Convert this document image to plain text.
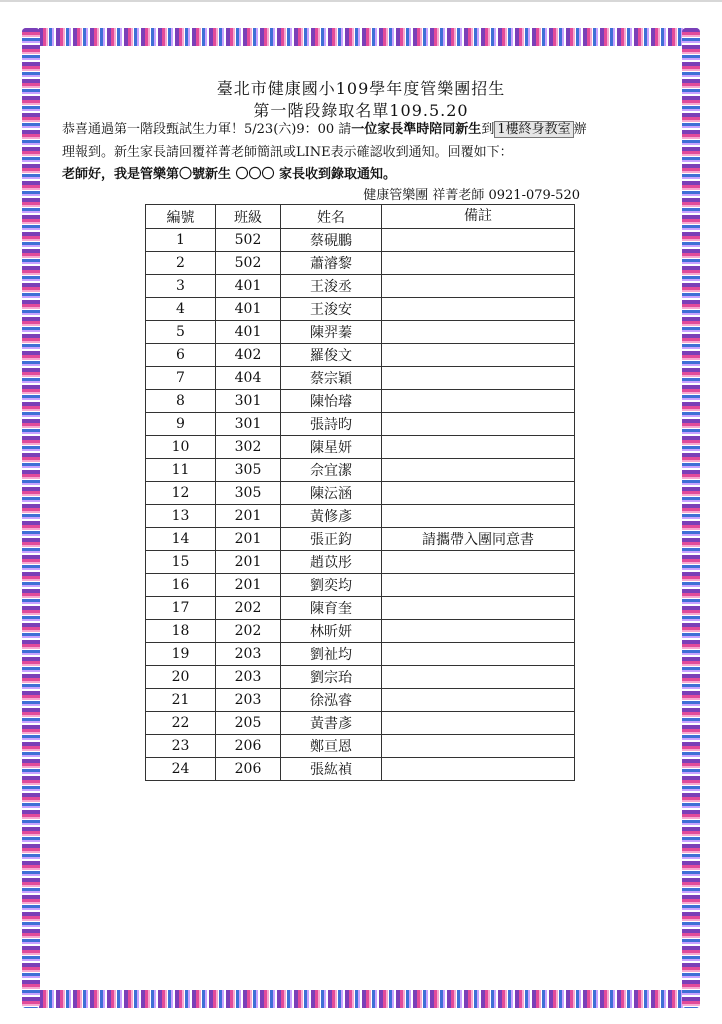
臺北市健康國小109學年度管樂團招生
第一階段錄取名單109.5.20
恭喜通過第一階段甄試生力軍！5/23(六)9：00 請一位家長準時陪同新生到 1樓終身教室 辦
理報到。新生家長請回覆祥菁老師簡訊或LINE表示確認收到通知。回覆如下：
老師好，我是管樂第〇號新生 〇〇〇 家長收到錄取通知。
健康管樂團 祥菁老師 0921-079-520
編號	班級	姓名	備註
1	502	蔡硯鵬	
2	502	蕭濬黎	
3	401	王浚丞	
4	401	王浚安	
5	401	陳羿蓁	
6	402	羅俊文	
7	404	蔡宗穎	
8	301	陳怡璿	
9	301	張詩昀	
10	302	陳星妍	
11	305	佘宜潔	
12	305	陳沄涵	
13	201	黃修彥	
14	201	張正鈞	請攜帶入團同意書
15	201	趙苡彤	
16	201	劉奕均	
17	202	陳育奎	
18	202	林昕妍	
19	203	劉祉均	
20	203	劉宗珆	
21	203	徐泓睿	
22	205	黃書彥	
23	206	鄭亘恩	
24	206	張紘禎	
